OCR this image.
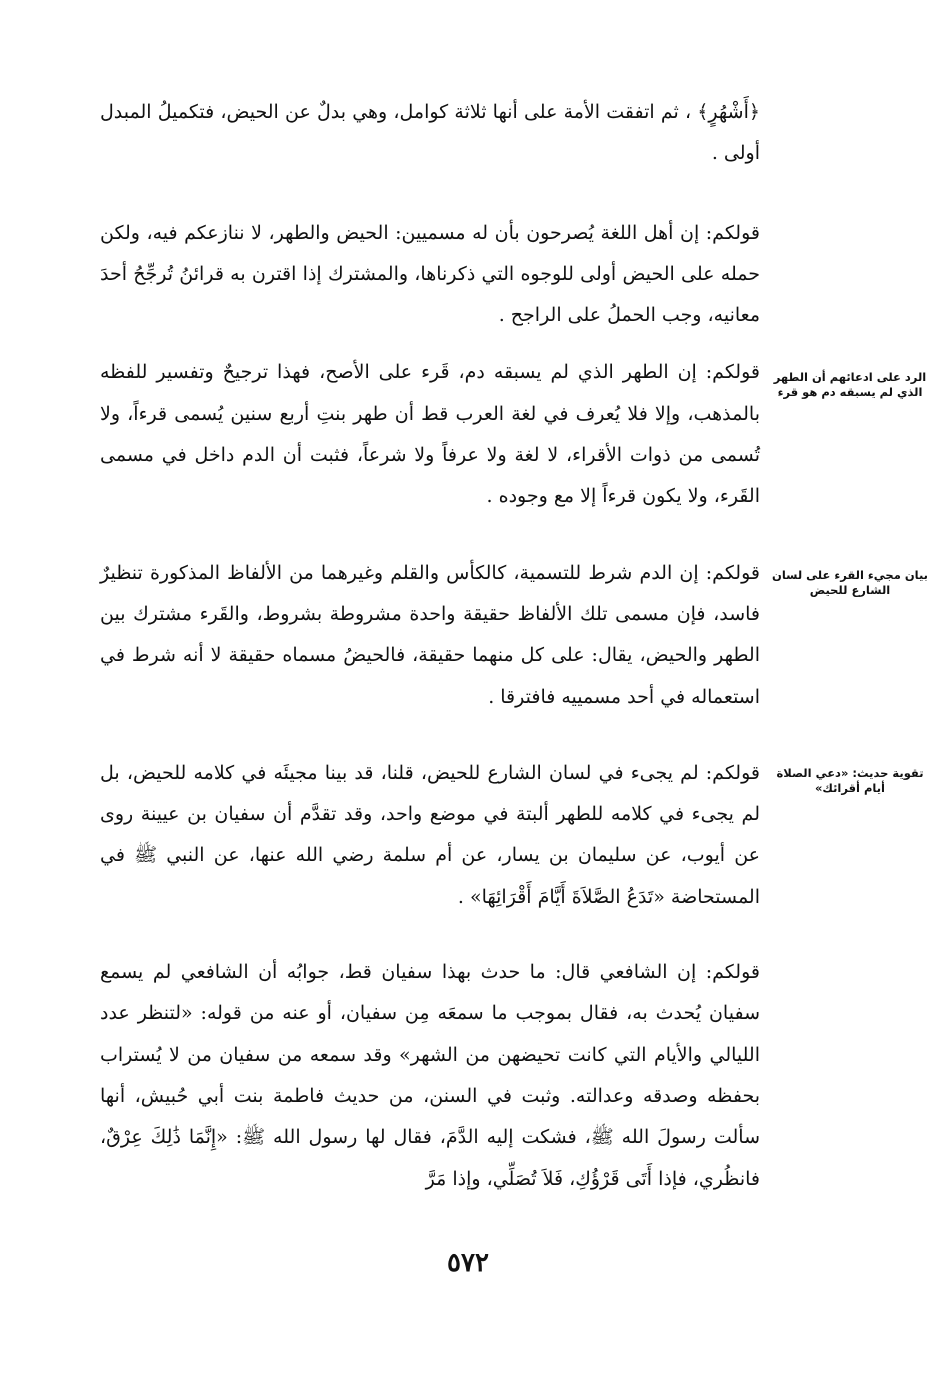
﴿أَشْهُرٍ﴾ ، ثم اتفقت الأمة على أنها ثلاثة كوامل، وهي بدلٌ عن الحيض، فتكميلُ المبدل أولى .

قولكم: إن أهل اللغة يُصرحون بأن له مسميين: الحيض والطهر، لا ننازعكم فيه، ولكن حمله على الحيض أولى للوجوه التي ذكرناها، والمشترك إذا اقترن به قرائنُ تُرجِّحُ أحدَ معانيه، وجب الحملُ على الراجح .

قولكم: إن الطهر الذي لم يسبقه دم، قَرء على الأصح، فهذا ترجيحٌ وتفسير للفظه بالمذهب، وإلا فلا يُعرف في لغة العرب قط أن طهر بنتِ أربع سنين يُسمى قرءاً، ولا تُسمى من ذوات الأقراء، لا لغة ولا عرفاً ولا شرعاً، فثبت أن الدم داخل في مسمى القَرء، ولا يكون قرءاً إلا مع وجوده .

قولكم: إن الدم شرط للتسمية، كالكأس والقلم وغيرهما من الألفاظ المذكورة تنظيرٌ فاسد، فإن مسمى تلك الألفاظ حقيقة واحدة مشروطة بشروط، والقَرء مشترك بين الطهر والحيض، يقال: على كل منهما حقيقة، فالحيضُ مسماه حقيقة لا أنه شرط في استعماله في أحد مسمييه فافترقا .

قولكم: لم يجىء في لسان الشارع للحيض، قلنا، قد بينا مجيئَه في كلامه للحيض، بل لم يجىء في كلامه للطهر ألبتة في موضع واحد، وقد تقدَّم أن سفيان بن عيينة روى عن أيوب، عن سليمان بن يسار، عن أم سلمة رضي الله عنها، عن النبي ﷺ في المستحاضة «تَدَعُ الصَّلاَةَ أَيَّامَ أَقْرَائِهَا» .

قولكم: إن الشافعي قال: ما حدث بهذا سفيان قط، جوابُه أن الشافعي لم يسمع سفيان يُحدث به، فقال بموجب ما سمعَه مِن سفيان، أو عنه من قوله: «لتنظر عدد الليالي والأيام التي كانت تحيضهن من الشهر» وقد سمعه من سفيان من لا يُستراب بحفظه وصدقه وعدالته. وثبت في السنن، من حديث فاطمة بنت أبي حُبيش، أنها سألت رسولَ الله ﷺ، فشكت إليه الدَّمَ، فقال لها رسول الله ﷺ: «إِنَّمَا ذَٰلِكَ عِرْقٌ، فانظُري، فإذا أَتَى قَرْؤُكِ، فَلاَ تُصَلِّي، وإذا مَرَّ

الرد على ادعائهم أن الطهر الذي لم يسبقه دم هو قرء
بيان مجيء القرء على لسان الشارع للحيض
تقوية حديث: «دعي الصلاة أيام أقرائك»
٥٧٢
